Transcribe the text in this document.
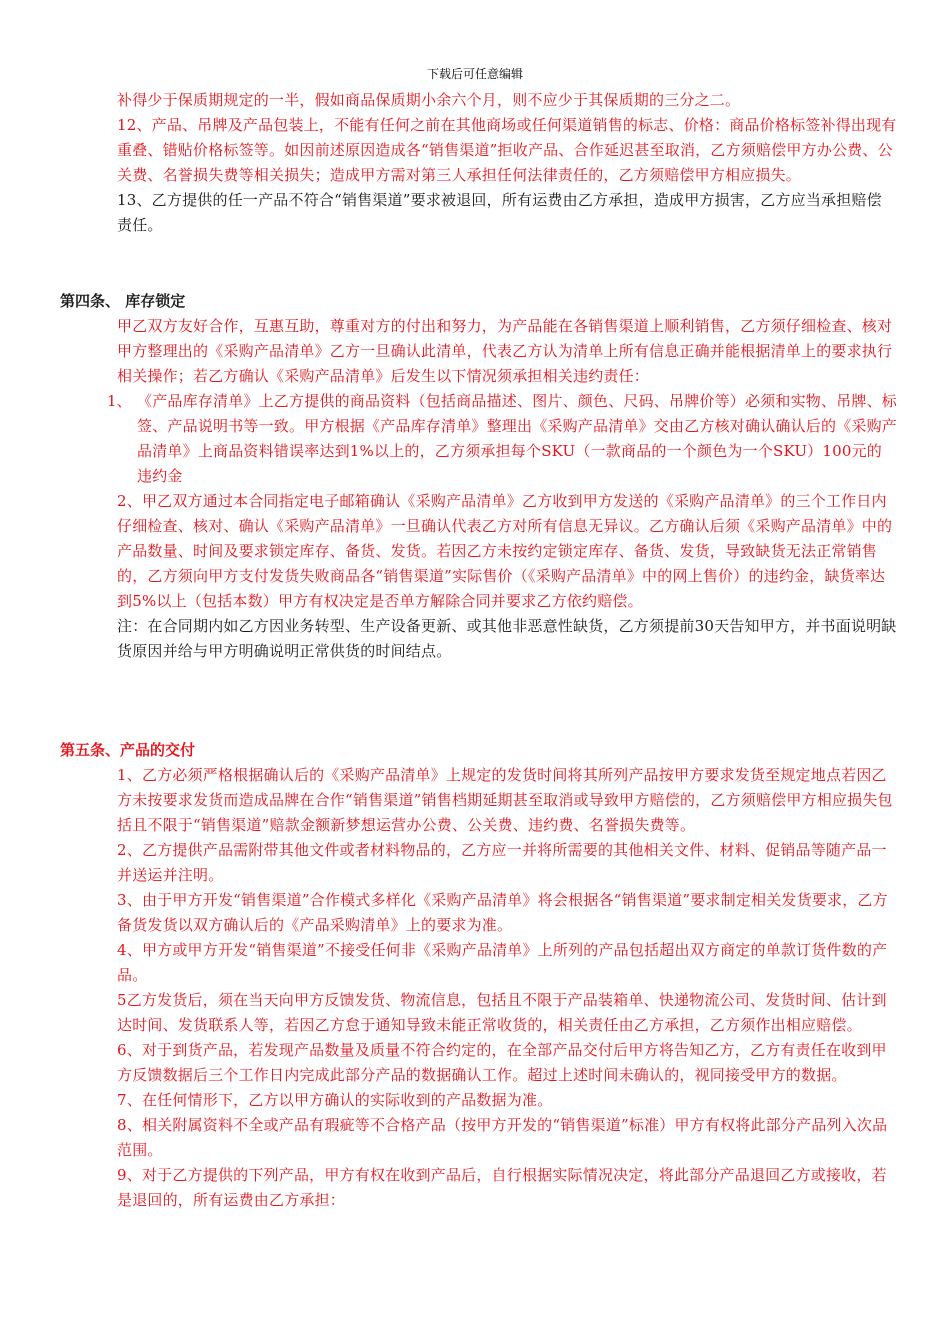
下载后可任意编辑

补得少于保质期规定的一半，假如商品保质期小余六个月，则不应少于其保质期的三分之二。

12、产品、吊牌及产品包装上，不能有任何之前在其他商场或任何渠道销售的标志、价格：商品价格标签补得出现有重叠、错贴价格标签等。如因前述原因造成各“销售渠道”拒收产品、合作延迟甚至取消，乙方须赔偿甲方办公费、公关费、名誉损失费等相关损失；造成甲方需对第三人承担任何法律责任的，乙方须赔偿甲方相应损失。

13、乙方提供的任一产品不符合“销售渠道”要求被退回，所有运费由乙方承担，造成甲方损害，乙方应当承担赔偿责任。

第四条、 库存锁定

甲乙双方友好合作，互惠互助，尊重对方的付出和努力，为产品能在各销售渠道上顺利销售，乙方须仔细检查、核对甲方整理出的《采购产品清单》乙方一旦确认此清单，代表乙方认为清单上所有信息正确并能根据清单上的要求执行相关操作；若乙方确认《采购产品清单》后发生以下情况须承担相关违约责任：

1、 《产品库存清单》上乙方提供的商品资料（包括商品描述、图片、颜色、尺码、吊牌价等）必须和实物、吊牌、标签、产品说明书等一致。甲方根据《产品库存清单》整理出《采购产品清单》交由乙方核对确认确认后的《采购产品清单》上商品资料错误率达到1%以上的，乙方须承担每个SKU（一款商品的一个颜色为一个SKU）100元的违约金

2、甲乙双方通过本合同指定电子邮箱确认《采购产品清单》乙方收到甲方发送的《采购产品清单》的三个工作日内仔细检查、核对、确认《采购产品清单》一旦确认代表乙方对所有信息无异议。乙方确认后须《采购产品清单》中的产品数量、时间及要求锁定库存、备货、发货。若因乙方未按约定锁定库存、备货、发货，导致缺货无法正常销售的，乙方须向甲方支付发货失败商品各“销售渠道”实际售价（《采购产品清单》中的网上售价）的违约金，缺货率达到5%以上（包括本数）甲方有权决定是否单方解除合同并要求乙方依约赔偿。

注：在合同期内如乙方因业务转型、生产设备更新、或其他非恶意性缺货，乙方须提前30天告知甲方，并书面说明缺货原因并给与甲方明确说明正常供货的时间结点。

第五条、产品的交付

1、乙方必须严格根据确认后的《采购产品清单》上规定的发货时间将其所列产品按甲方要求发货至规定地点若因乙方未按要求发货而造成品牌在合作“销售渠道”销售档期延期甚至取消或导致甲方赔偿的，乙方须赔偿甲方相应损失包括且不限于“销售渠道”赔款金额新梦想运营办公费、公关费、违约费、名誉损失费等。

2、乙方提供产品需附带其他文件或者材料物品的，乙方应一并将所需要的其他相关文件、材料、促销品等随产品一并送运并注明。

3、由于甲方开发“销售渠道”合作模式多样化《采购产品清单》将会根据各“销售渠道”要求制定相关发货要求，乙方备货发货以双方确认后的《产品采购清单》上的要求为准。

4、甲方或甲方开发“销售渠道”不接受任何非《采购产品清单》上所列的产品包括超出双方商定的单款订货件数的产品。

5乙方发货后，须在当天向甲方反馈发货、物流信息，包括且不限于产品装箱单、快递物流公司、发货时间、估计到达时间、发货联系人等，若因乙方怠于通知导致未能正常收货的，相关责任由乙方承担，乙方须作出相应赔偿。

6、对于到货产品，若发现产品数量及质量不符合约定的，在全部产品交付后甲方将告知乙方，乙方有责任在收到甲方反馈数据后三个工作日内完成此部分产品的数据确认工作。超过上述时间未确认的，视同接受甲方的数据。

7、在任何情形下，乙方以甲方确认的实际收到的产品数据为准。

8、相关附属资料不全或产品有瑕疵等不合格产品（按甲方开发的“销售渠道”标准）甲方有权将此部分产品列入次品范围。

9、对于乙方提供的下列产品，甲方有权在收到产品后，自行根据实际情况决定，将此部分产品退回乙方或接收，若是退回的，所有运费由乙方承担：
